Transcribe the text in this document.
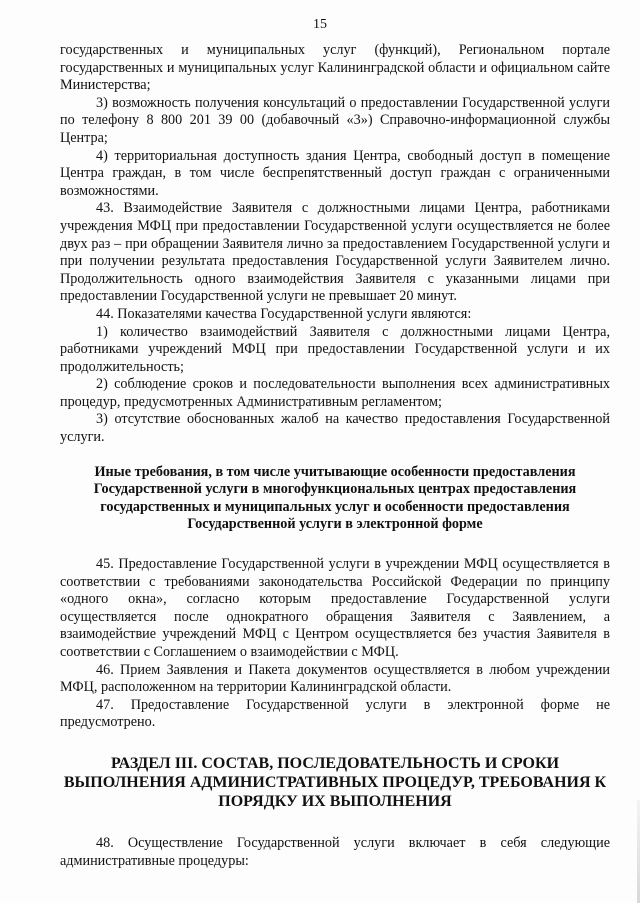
15

государственных и муниципальных услуг (функций), Региональном портале государственных и муниципальных услуг Калининградской области и официальном сайте Министерства;

3) возможность получения консультаций о предоставлении Государственной услуги по телефону 8 800 201 39 00 (добавочный «3») Справочно-информационной службы Центра;

4) территориальная доступность здания Центра, свободный доступ в помещение Центра граждан, в том числе беспрепятственный доступ граждан с ограниченными возможностями.

43. Взаимодействие Заявителя с должностными лицами Центра, работниками учреждения МФЦ при предоставлении Государственной услуги осуществляется не более двух раз – при обращении Заявителя лично за предоставлением Государственной услуги и при получении результата предоставления Государственной услуги Заявителем лично. Продолжительность одного взаимодействия Заявителя с указанными лицами при предоставлении Государственной услуги не превышает 20 минут.

44. Показателями качества Государственной услуги являются:

1) количество взаимодействий Заявителя с должностными лицами Центра, работниками учреждений МФЦ при предоставлении Государственной услуги и их продолжительность;

2) соблюдение сроков и последовательности выполнения всех административных процедур, предусмотренных Административным регламентом;

3) отсутствие обоснованных жалоб на качество предоставления Государственной услуги.

Иные требования, в том числе учитывающие особенности предоставления Государственной услуги в многофункциональных центрах предоставления государственных и муниципальных услуг и особенности предоставления Государственной услуги в электронной форме

45. Предоставление Государственной услуги в учреждении МФЦ осуществляется в соответствии с требованиями законодательства Российской Федерации по принципу «одного окна», согласно которым предоставление Государственной услуги осуществляется после однократного обращения Заявителя с Заявлением, а взаимодействие учреждений МФЦ с Центром осуществляется без участия Заявителя в соответствии с Соглашением о взаимодействии с МФЦ.

46. Прием Заявления и Пакета документов осуществляется в любом учреждении МФЦ, расположенном на территории Калининградской области.

47. Предоставление Государственной услуги в электронной форме не предусмотрено.

РАЗДЕЛ III. СОСТАВ, ПОСЛЕДОВАТЕЛЬНОСТЬ И СРОКИ ВЫПОЛНЕНИЯ АДМИНИСТРАТИВНЫХ ПРОЦЕДУР, ТРЕБОВАНИЯ К ПОРЯДКУ ИХ ВЫПОЛНЕНИЯ

48. Осуществление Государственной услуги включает в себя следующие административные процедуры:
